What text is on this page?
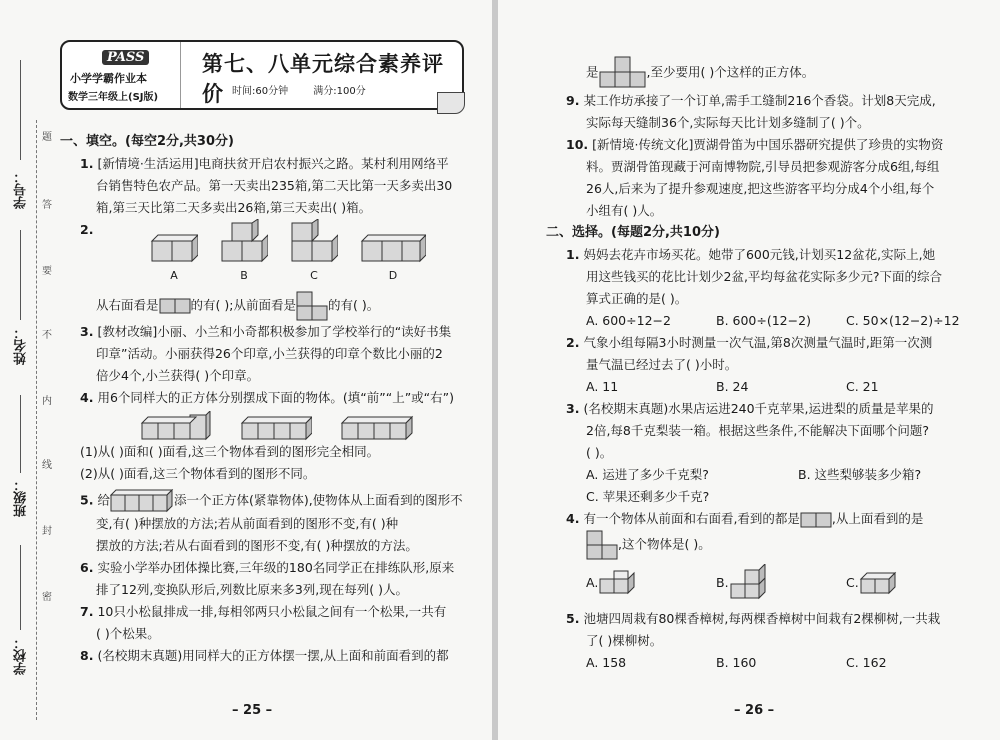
学校：
班级：
姓名：
学号：
题
答
要
不
内
线
封
密
PASS
小学学霸作业本
数学三年级上(SJ版)
第七、八单元综合素养评价 时间:60分钟	满分:100分

一、填空。(每空2分,共30分)

1. [新情境·生活运用]电商扶贫开启农村振兴之路。某村利用网络平

台销售特色农产品。第一天卖出235箱,第二天比第一天多卖出30

箱,第三天比第二天多卖出26箱,第三天卖出( )箱。

2.

A	B	C	D

从右面看是	的有( );从前面看是	的有( )。

3. [教材改编]小丽、小兰和小奇都积极参加了学校举行的“读好书集

印章”活动。小丽获得26个印章,小兰获得的印章个数比小丽的2

倍少4个,小兰获得( )个印章。

4. 用6个同样大的正方体分别摆成下面的物体。(填“前”“上”或“右”)

(1)从( )面和( )面看,这三个物体看到的图形完全相同。

(2)从( )面看,这三个物体看到的图形不同。

5. 给	添一个正方体(紧靠物体),使物体从上面看到的图形不

变,有( )种摆放的方法;若从前面看到的图形不变,有( )种

摆放的方法;若从右面看到的图形不变,有( )种摆放的方法。

6. 实验小学举办团体操比赛,三年级的180名同学正在排练队形,原来

排了12列,变换队形后,列数比原来多3列,现在每列( )人。

7. 10只小松鼠排成一排,每相邻两只小松鼠之间有一个松果,一共有

( )个松果。

8. (名校期末真题)用同样大的正方体摆一摆,从上面和前面看到的都

– 25 –

是	,至少要用( )个这样的正方体。

9. 某工作坊承接了一个订单,需手工缝制216个香袋。计划8天完成,

实际每天缝制36个,实际每天比计划多缝制了( )个。

10. [新情境·传统文化]贾湖骨笛为中国乐器研究提供了珍贵的实物资

料。贾湖骨笛现藏于河南博物院,引导员把参观游客分成6组,每组

26人,后来为了提升参观速度,把这些游客平均分成4个小组,每个

小组有( )人。

二、选择。(每题2分,共10分)

1. 妈妈去花卉市场买花。她带了600元钱,计划买12盆花,实际上,她

用这些钱买的花比计划少2盆,平均每盆花实际多少元?下面的综合

算式正确的是( )。

A. 600÷12−2	B. 600÷(12−2)	C. 50×(12−2)÷12

2. 气象小组每隔3小时测量一次气温,第8次测量气温时,距第一次测

量气温已经过去了( )小时。

A. 11	B. 24	C. 21

3. (名校期末真题)水果店运进240千克苹果,运进梨的质量是苹果的

2倍,每8千克梨装一箱。根据这些条件,不能解决下面哪个问题?

( )。

A. 运进了多少千克梨?	B. 这些梨够装多少箱?

C. 苹果还剩多少千克?

4. 有一个物体从前面和右面看,看到的都是	,从上面看到的是

,这个物体是( )。

A.	B.	C.

5. 池塘四周栽有80棵香樟树,每两棵香樟树中间栽有2棵柳树,一共栽

了( )棵柳树。

A. 158	B. 160	C. 162
– 26 –
